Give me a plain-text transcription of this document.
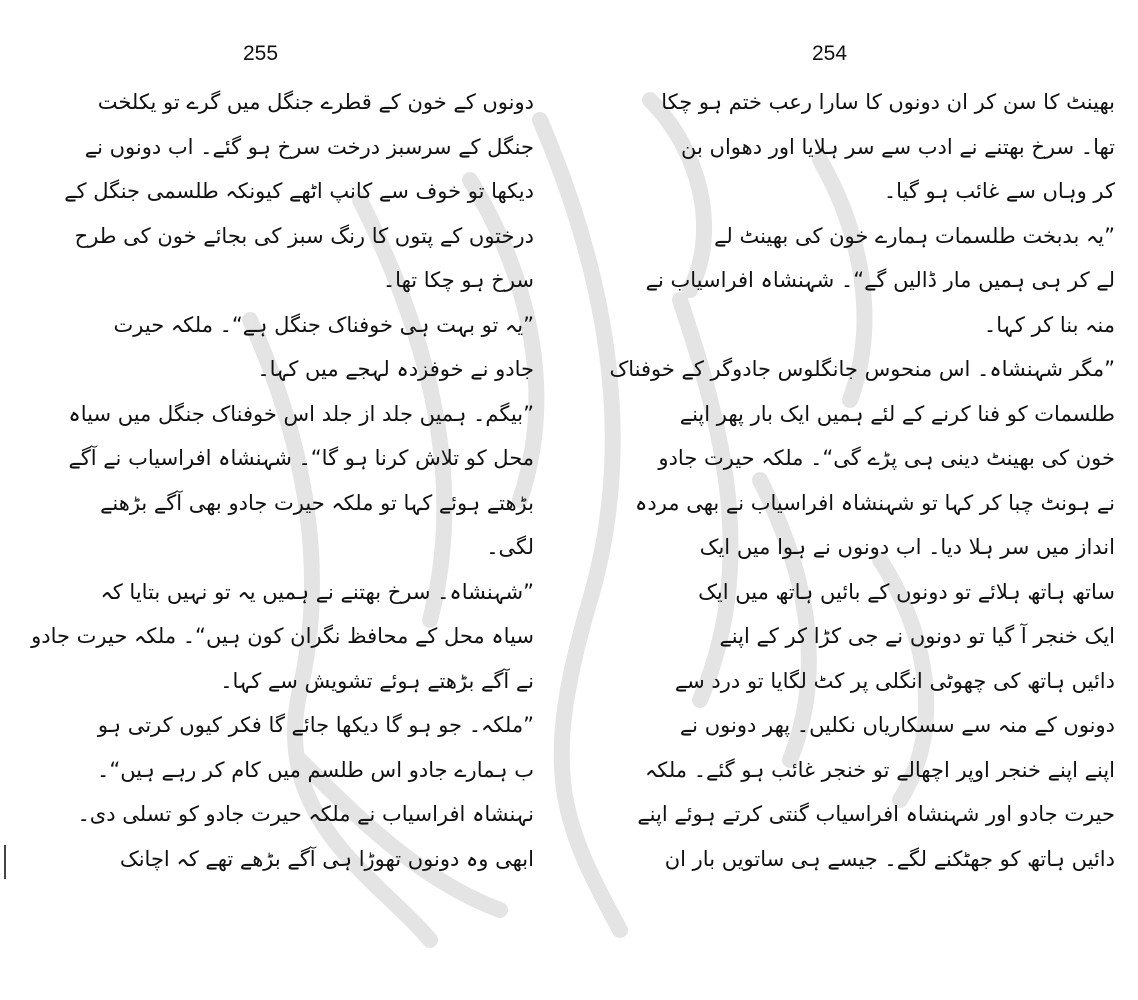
255	254
دونوں کے خون کے قطرے جنگل میں گرے تو یکلخت
جنگل کے سرسبز درخت سرخ ہو گئے۔ اب دونوں نے
دیکھا تو خوف سے کانپ اٹھے کیونکہ طلسمی جنگل کے
درختوں کے پتوں کا رنگ سبز کی بجائے خون کی طرح
سرخ ہو چکا تھا۔
”یہ تو بہت ہی خوفناک جنگل ہے“۔ ملکہ حیرت
جادو نے خوفزدہ لہجے میں کہا۔
”بیگم۔ ہمیں جلد از جلد اس خوفناک جنگل میں سیاہ
محل کو تلاش کرنا ہو گا“۔ شہنشاہ افراسیاب نے آگے
بڑھتے ہوئے کہا تو ملکہ حیرت جادو بھی آگے بڑھنے
لگی۔
”شہنشاہ۔ سرخ بھتنے نے ہمیں یہ تو نہیں بتایا کہ
سیاہ محل کے محافظ نگران کون ہیں“۔ ملکہ حیرت جادو
نے آگے بڑھتے ہوئے تشویش سے کہا۔
”ملکہ۔ جو ہو گا دیکھا جائے گا فکر کیوں کرتی ہو
ب ہمارے جادو اس طلسم میں کام کر رہے ہیں“۔
نہنشاہ افراسیاب نے ملکہ حیرت جادو کو تسلی دی۔
ابھی وہ دونوں تھوڑا ہی آگے بڑھے تھے کہ اچانک
بھینٹ کا سن کر ان دونوں کا سارا رعب ختم ہو چکا
تھا۔ سرخ بھتنے نے ادب سے سر ہلایا اور دھواں بن
کر وہاں سے غائب ہو گیا۔
”یہ بدبخت طلسمات ہمارے خون کی بھینٹ لے
لے کر ہی ہمیں مار ڈالیں گے“۔ شہنشاہ افراسیاب نے
منہ بنا کر کہا۔
”مگر شہنشاہ۔ اس منحوس جانگلوس جادوگر کے خوفناک
طلسمات کو فنا کرنے کے لئے ہمیں ایک بار پھر اپنے
خون کی بھینٹ دینی ہی پڑے گی“۔ ملکہ حیرت جادو
نے ہونٹ چبا کر کہا تو شہنشاہ افراسیاب نے بھی مردہ
انداز میں سر ہلا دیا۔ اب دونوں نے ہوا میں ایک
ساتھ ہاتھ ہلائے تو دونوں کے بائیں ہاتھ میں ایک
ایک خنجر آ گیا تو دونوں نے جی کڑا کر کے اپنے
دائیں ہاتھ کی چھوٹی انگلی پر کٹ لگایا تو درد سے
دونوں کے منہ سے سسکاریاں نکلیں۔ پھر دونوں نے
اپنے اپنے خنجر اوپر اچھالے تو خنجر غائب ہو گئے۔ ملکہ
حیرت جادو اور شہنشاہ افراسیاب گنتی کرتے ہوئے اپنے
دائیں ہاتھ کو جھٹکنے لگے۔ جیسے ہی ساتویں بار ان
